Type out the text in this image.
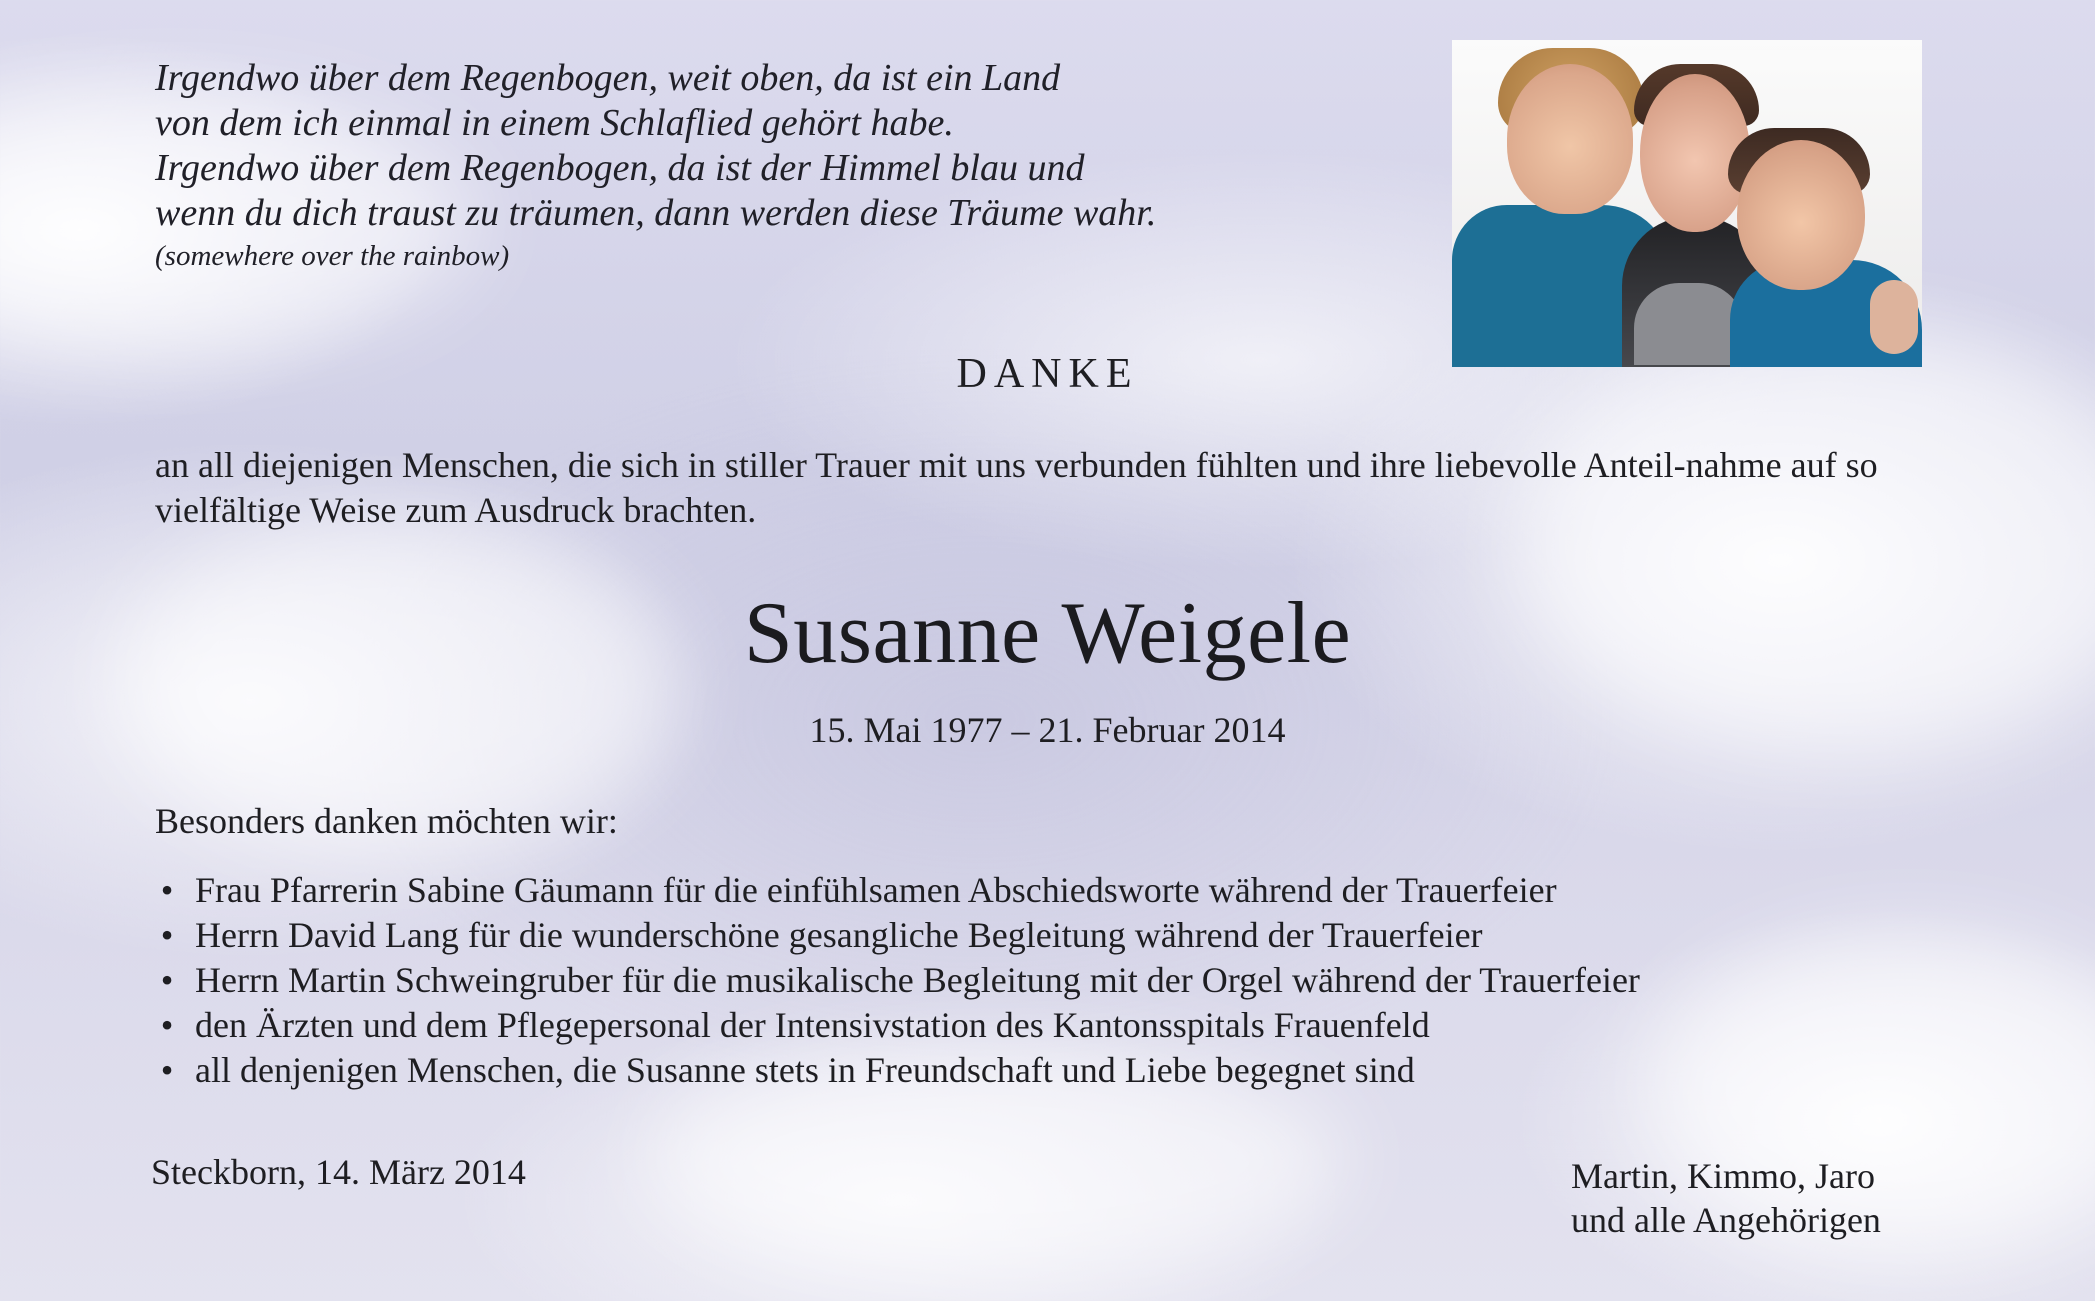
Irgendwo über dem Regenbogen, weit oben, da ist ein Land
von dem ich einmal in einem Schlaflied gehört habe.
Irgendwo über dem Regenbogen, da ist der Himmel blau und
wenn du dich traust zu träumen, dann werden diese Träume wahr.
(somewhere over the rainbow)
DANKE
an all diejenigen Menschen, die sich in stiller Trauer mit uns verbunden fühlten und ihre liebevolle Anteil-nahme auf so vielfältige Weise zum Ausdruck brachten.
Susanne Weigele
15. Mai 1977 – 21. Februar 2014
Besonders danken möchten wir:
• Frau Pfarrerin Sabine Gäumann für die einfühlsamen Abschiedsworte während der Trauerfeier
• Herrn David Lang für die wunderschöne gesangliche Begleitung während der Trauerfeier
• Herrn Martin Schweingruber für die musikalische Begleitung mit der Orgel während der Trauerfeier
• den Ärzten und dem Pflegepersonal der Intensivstation des Kantonsspitals Frauenfeld
• all denjenigen Menschen, die Susanne stets in Freundschaft und Liebe begegnet sind
Steckborn, 14. März 2014	Martin, Kimmo, Jaro
und alle Angehörigen
